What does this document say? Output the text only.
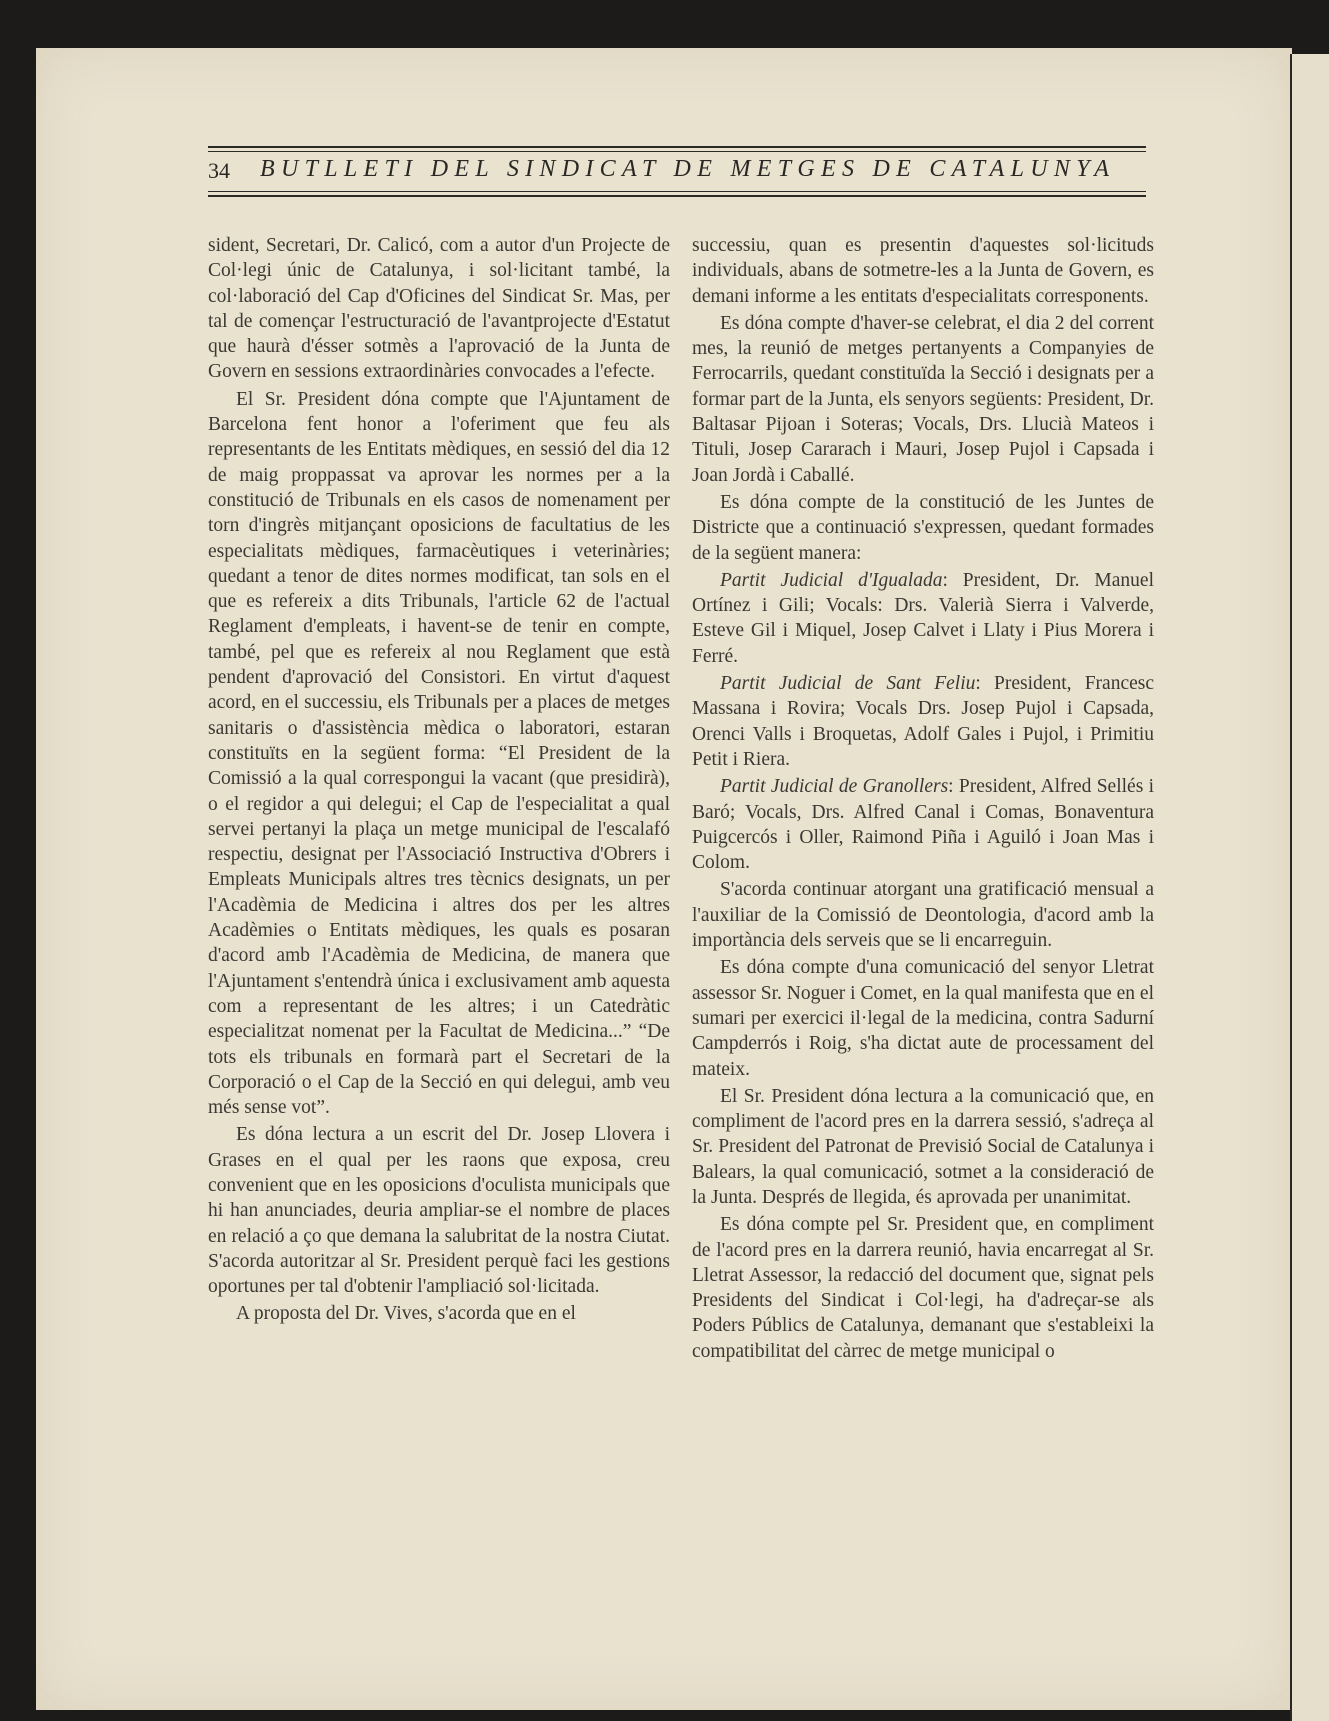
34 BUTLLETI DEL SINDICAT DE METGES DE CATALUNYA

sident, Secretari, Dr. Calicó, com a autor d'un Projecte de Col·legi únic de Catalunya, i sol·licitant també, la col·laboració del Cap d'Oficines del Sindicat Sr. Mas, per tal de començar l'estructuració de l'avantprojecte d'Estatut que haurà d'ésser sotmès a l'aprovació de la Junta de Govern en sessions extraordinàries convocades a l'efecte.

El Sr. President dóna compte que l'Ajuntament de Barcelona fent honor a l'oferiment que feu als representants de les Entitats mèdiques, en sessió del dia 12 de maig proppassat va aprovar les normes per a la constitució de Tribunals en els casos de nomenament per torn d'ingrès mitjançant oposicions de facultatius de les especialitats mèdiques, farmacèutiques i veterinàries; quedant a tenor de dites normes modificat, tan sols en el que es refereix a dits Tribunals, l'article 62 de l'actual Reglament d'empleats, i havent-se de tenir en compte, també, pel que es refereix al nou Reglament que està pendent d'aprovació del Consistori. En virtut d'aquest acord, en el successiu, els Tribunals per a places de metges sanitaris o d'assistència mèdica o laboratori, estaran constituïts en la següent forma: “El President de la Comissió a la qual correspongui la vacant (que presidirà), o el regidor a qui delegui; el Cap de l'especialitat a qual servei pertanyi la plaça un metge municipal de l'escalafó respectiu, designat per l'Associació Instructiva d'Obrers i Empleats Municipals altres tres tècnics designats, un per l'Acadèmia de Medicina i altres dos per les altres Acadèmies o Entitats mèdiques, les quals es posaran d'acord amb l'Acadèmia de Medicina, de manera que l'Ajuntament s'entendrà única i exclusivament amb aquesta com a representant de les altres; i un Catedràtic especialitzat nomenat per la Facultat de Medicina...” “De tots els tribunals en formarà part el Secretari de la Corporació o el Cap de la Secció en qui delegui, amb veu més sense vot”.

Es dóna lectura a un escrit del Dr. Josep Llovera i Grases en el qual per les raons que exposa, creu convenient que en les oposicions d'oculista municipals que hi han anunciades, deuria ampliar-se el nombre de places en relació a ço que demana la salubritat de la nostra Ciutat. S'acorda autoritzar al Sr. President perquè faci les gestions oportunes per tal d'obtenir l'ampliació sol·licitada.

A proposta del Dr. Vives, s'acorda que en el

successiu, quan es presentin d'aquestes sol·licituds individuals, abans de sotmetre-les a la Junta de Govern, es demani informe a les entitats d'especialitats corresponents.

Es dóna compte d'haver-se celebrat, el dia 2 del corrent mes, la reunió de metges pertanyents a Companyies de Ferrocarrils, quedant constituïda la Secció i designats per a formar part de la Junta, els senyors següents: President, Dr. Baltasar Pijoan i Soteras; Vocals, Drs. Llucià Mateos i Tituli, Josep Cararach i Mauri, Josep Pujol i Capsada i Joan Jordà i Caballé.

Es dóna compte de la constitució de les Juntes de Districte que a continuació s'expressen, quedant formades de la següent manera:

Partit Judicial d'Igualada: President, Dr. Manuel Ortínez i Gili; Vocals: Drs. Valerià Sierra i Valverde, Esteve Gil i Miquel, Josep Calvet i Llaty i Pius Morera i Ferré.

Partit Judicial de Sant Feliu: President, Francesc Massana i Rovira; Vocals Drs. Josep Pujol i Capsada, Orenci Valls i Broquetas, Adolf Gales i Pujol, i Primitiu Petit i Riera.

Partit Judicial de Granollers: President, Alfred Sellés i Baró; Vocals, Drs. Alfred Canal i Comas, Bonaventura Puigcercós i Oller, Raimond Piña i Aguiló i Joan Mas i Colom.

S'acorda continuar atorgant una gratificació mensual a l'auxiliar de la Comissió de Deontologia, d'acord amb la importància dels serveis que se li encarreguin.

Es dóna compte d'una comunicació del senyor Lletrat assessor Sr. Noguer i Comet, en la qual manifesta que en el sumari per exercici il·legal de la medicina, contra Sadurní Campderrós i Roig, s'ha dictat aute de processament del mateix.

El Sr. President dóna lectura a la comunicació que, en compliment de l'acord pres en la darrera sessió, s'adreça al Sr. President del Patronat de Previsió Social de Catalunya i Balears, la qual comunicació, sotmet a la consideració de la Junta. Després de llegida, és aprovada per unanimitat.

Es dóna compte pel Sr. President que, en compliment de l'acord pres en la darrera reunió, havia encarregat al Sr. Lletrat Assessor, la redacció del document que, signat pels Presidents del Sindicat i Col·legi, ha d'adreçar-se als Poders Públics de Catalunya, demanant que s'estableixi la compatibilitat del càrrec de metge municipal o
